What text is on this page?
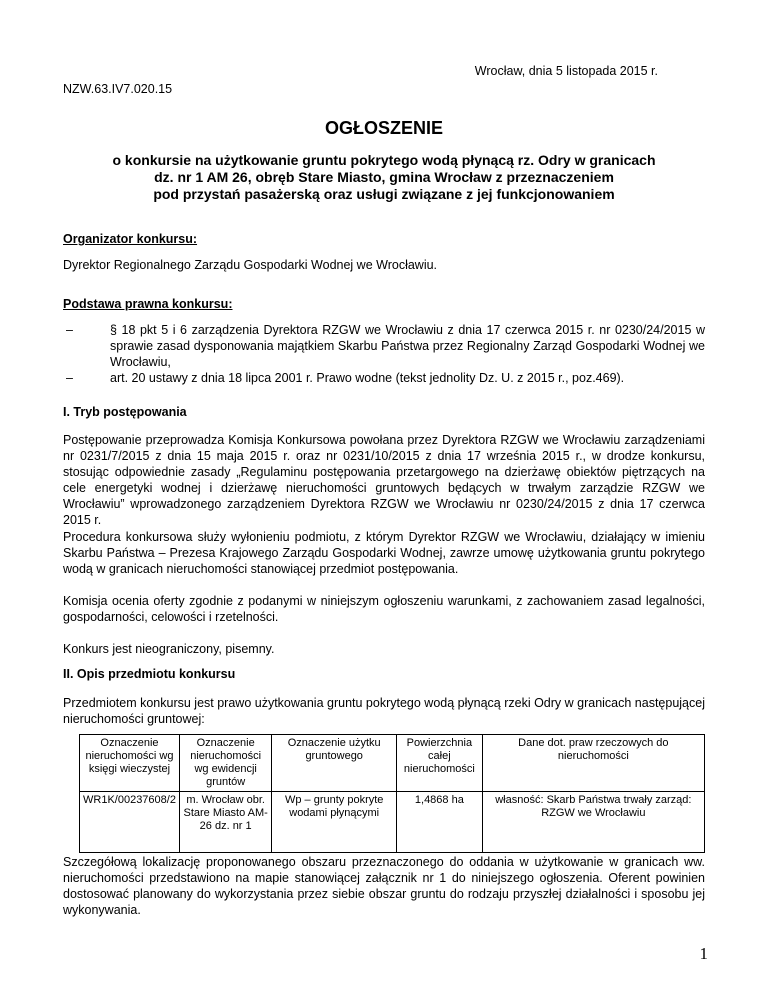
Wrocław, dnia 5 listopada 2015 r.
NZW.63.IV7.020.15
OGŁOSZENIE
o konkursie na użytkowanie gruntu pokrytego wodą płynącą rz. Odry w granicach
dz. nr 1 AM 26, obręb Stare Miasto, gmina Wrocław z przeznaczeniem
pod przystań pasażerską oraz usługi związane z jej funkcjonowaniem
Organizator konkursu:
Dyrektor Regionalnego Zarządu Gospodarki Wodnej we Wrocławiu.
Podstawa prawna konkursu:
– § 18 pkt 5 i 6 zarządzenia Dyrektora RZGW we Wrocławiu z dnia 17 czerwca 2015 r. nr 0230/24/2015 w sprawie zasad dysponowania majątkiem Skarbu Państwa przez Regionalny Zarząd Gospodarki Wodnej we Wrocławiu,
– art. 20 ustawy z dnia 18 lipca 2001 r. Prawo wodne (tekst jednolity Dz. U. z 2015 r., poz.469).
I. Tryb postępowania
Postępowanie przeprowadza Komisja Konkursowa powołana przez Dyrektora RZGW we Wrocławiu zarządzeniami nr 0231/7/2015 z dnia 15 maja 2015 r. oraz nr 0231/10/2015 z dnia 17 września 2015 r., w drodze konkursu, stosując odpowiednie zasady „Regulaminu postępowania przetargowego na dzierżawę obiektów piętrzących na cele energetyki wodnej i dzierżawę nieruchomości gruntowych będących w trwałym zarządzie RZGW we Wrocławiu” wprowadzonego zarządzeniem Dyrektora RZGW we Wrocławiu nr 0230/24/2015 z dnia 17 czerwca 2015 r.
Procedura konkursowa służy wyłonieniu podmiotu, z którym Dyrektor RZGW we Wrocławiu, działający w imieniu Skarbu Państwa – Prezesa Krajowego Zarządu Gospodarki Wodnej, zawrze umowę użytkowania gruntu pokrytego wodą w granicach nieruchomości stanowiącej przedmiot postępowania.
Komisja ocenia oferty zgodnie z podanymi w niniejszym ogłoszeniu warunkami, z zachowaniem zasad legalności, gospodarności, celowości i rzetelności.
Konkurs jest nieograniczony, pisemny.
II. Opis przedmiotu konkursu
Przedmiotem konkursu jest prawo użytkowania gruntu pokrytego wodą płynącą rzeki Odry w granicach następującej nieruchomości gruntowej:
Oznaczenie nieruchomości wg księgi wieczystej	Oznaczenie nieruchomości wg ewidencji gruntów	Oznaczenie użytku gruntowego	Powierzchnia całej nieruchomości	Dane dot. praw rzeczowych do nieruchomości
WR1K/00237608/2	m. Wrocław obr. Stare Miasto AM-26 dz. nr 1	Wp – grunty pokryte wodami płynącymi	1,4868 ha	własność: Skarb Państwa trwały zarząd: RZGW we Wrocławiu
Szczegółową lokalizację proponowanego obszaru przeznaczonego do oddania w użytkowanie w granicach ww. nieruchomości przedstawiono na mapie stanowiącej załącznik nr 1 do niniejszego ogłoszenia. Oferent powinien dostosować planowany do wykorzystania przez siebie obszar gruntu do rodzaju przyszłej działalności i sposobu jej wykonywania.
1
